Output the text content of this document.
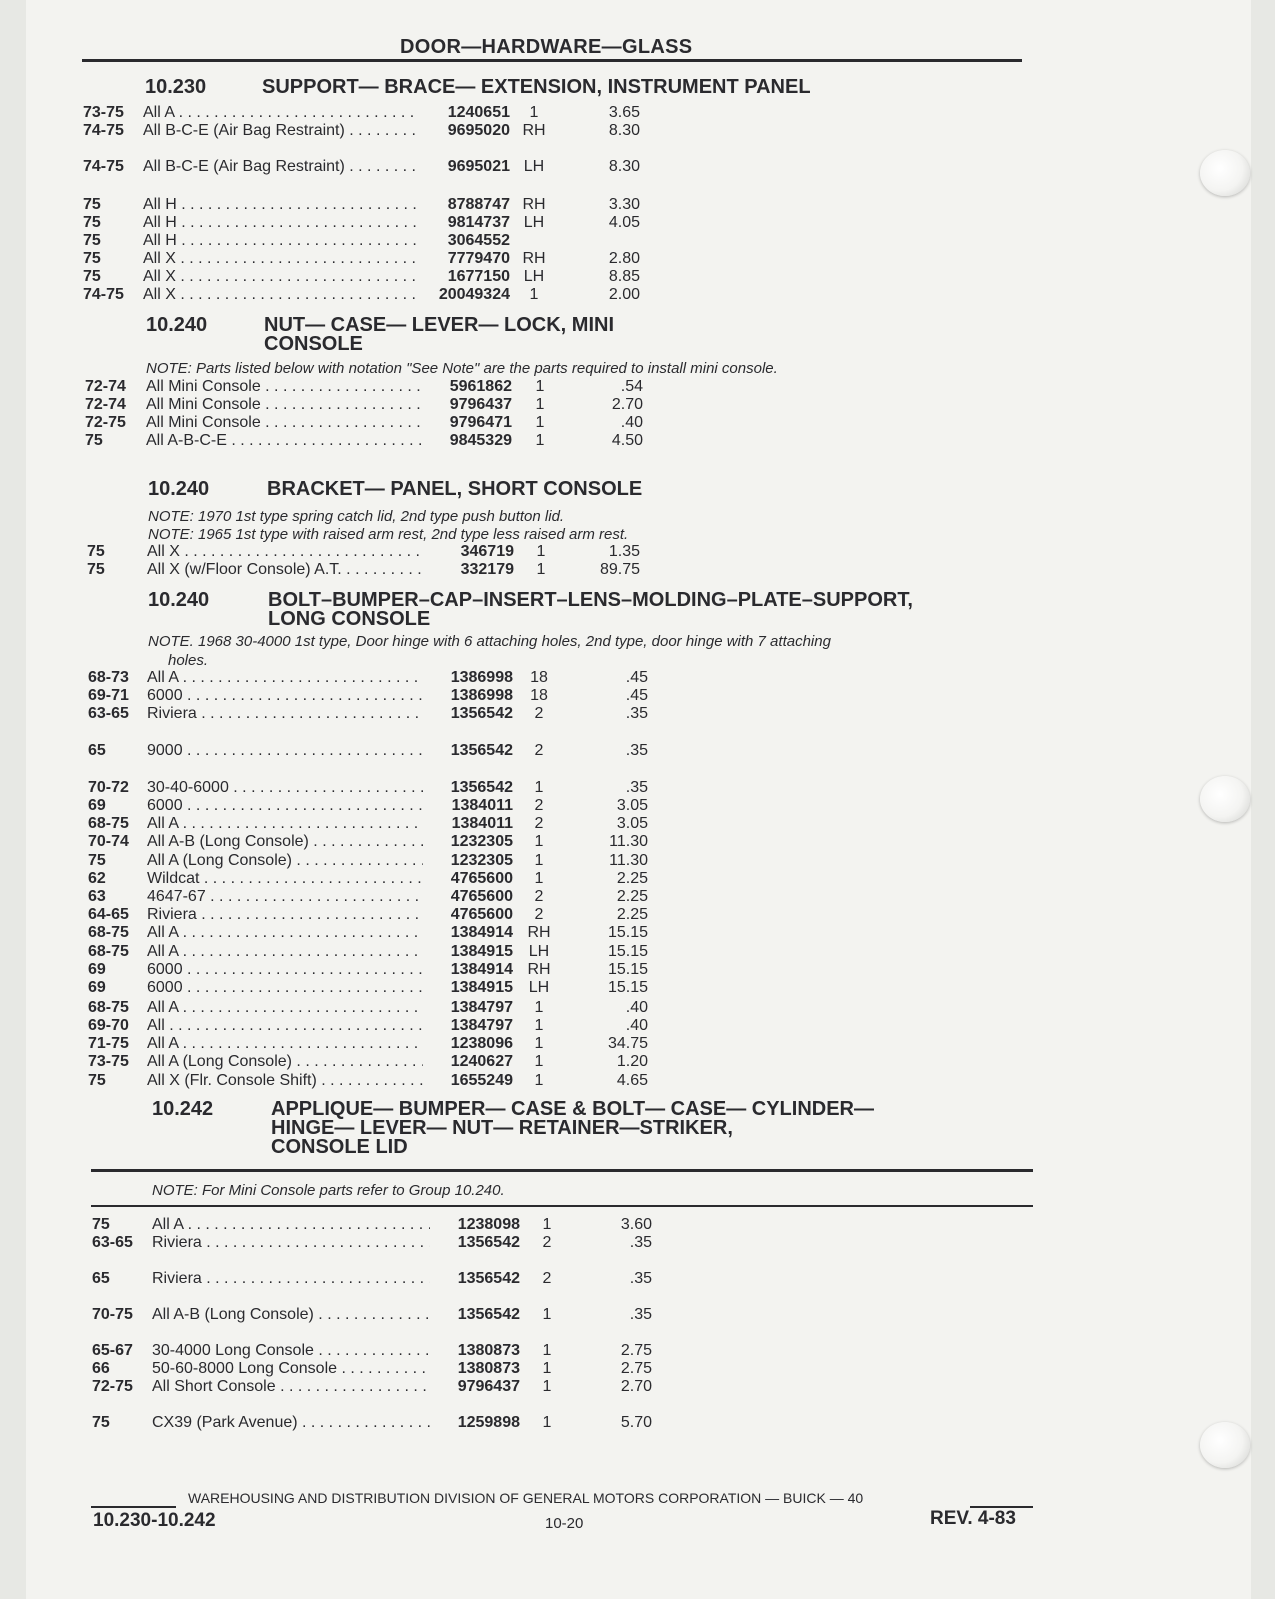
DOOR—HARDWARE—GLASS
10.230	SUPPORT— BRACE— EXTENSION, INSTRUMENT PANEL
73-75 All A . . .	1240651	1	3.65
74-75 All B-C-E (Air Bag Restraint) . . .	9695020 RH	8.30
74-75 All B-C-E (Air Bag Restraint) . . .	9695021 LH	8.30
75	All H . . .	8788747 RH	3.30
75	All H . . .	9814737 LH	4.05
75	All H . . .	3064552
75	All X . . .	7779470 RH	2.80
75	All X . . .	1677150 LH	8.85
74-75 All X . . .	20049324	1	2.00
10.240	NUT— CASE— LEVER— LOCK, MINI
CONSOLE
NOTE: Parts listed below with notation "See Note" are the parts required to install mini console.
72-74 All Mini Console . . .	5961862	1	.54
72-74 All Mini Console . . .	9796437	1	2.70
72-75 All Mini Console . . .	9796471	1	.40
75	All A-B-C-E . . .	9845329	1	4.50
10.240	BRACKET— PANEL, SHORT CONSOLE
NOTE: 1970 1st type spring catch lid, 2nd type push button lid.
NOTE: 1965 1st type with raised arm rest, 2nd type less raised arm rest.
75	All X . . .	346719	1	1.35
75	All X (w/Floor Console) A.T. . . .	332179	1	89.75
10.240	BOLT–BUMPER–CAP–INSERT–LENS–MOLDING–PLATE–SUPPORT,
LONG CONSOLE
NOTE. 1968 30-4000 1st type, Door hinge with 6 attaching holes, 2nd type, door hinge with 7 attaching
holes.
68-73 All A . . .	1386998	18	.45
69-71 6000 . . .	1386998	18	.45
63-65 Riviera . . .	1356542	2	.35
65	9000 . . .	1356542	2	.35
70-72 30-40-6000 . . .	1356542	1	.35
69	6000 . . .	1384011	2	3.05
68-75 All A . . .	1384011	2	3.05
70-74 All A-B (Long Console) . . .	1232305	1	11.30
75	All A (Long Console) . . .	1232305	1	11.30
62	Wildcat . . .	4765600	1	2.25
63	4647-67 . . .	4765600	2	2.25
64-65 Riviera . . .	4765600	2	2.25
68-75 All A . . .	1384914 RH	15.15
68-75 All A . . .	1384915 LH	15.15
69	6000 . . .	1384914 RH	15.15
69	6000 . . .	1384915 LH	15.15
68-75 All A . . .	1384797	1	.40
69-70 All . . .	1384797	1	.40
71-75 All A . . .	1238096	1	34.75
73-75 All A (Long Console) . . .	1240627	1	1.20
75	All X (Flr. Console Shift) . . .	1655249	1	4.65
10.242	APPLIQUE— BUMPER— CASE & BOLT— CASE— CYLINDER—
HINGE— LEVER— NUT— RETAINER—STRIKER,
CONSOLE LID
NOTE: For Mini Console parts refer to Group 10.240.
75	All A . . .	1238098	1	3.60
63-65 Riviera . . .	1356542	2	.35
65	Riviera . . .	1356542	2	.35
70-75 All A-B (Long Console) . . .	1356542	1	.35
65-67 30-4000 Long Console . . .	1380873	1	2.75
66	50-60-8000 Long Console . . .	1380873	1	2.75
72-75 All Short Console . . .	9796437	1	2.70
75	CX39 (Park Avenue) . . .	1259898	1	5.70
WAREHOUSING AND DISTRIBUTION DIVISION OF GENERAL MOTORS CORPORATION — BUICK — 40
10.230-10.242	10-20	REV. 4-83
